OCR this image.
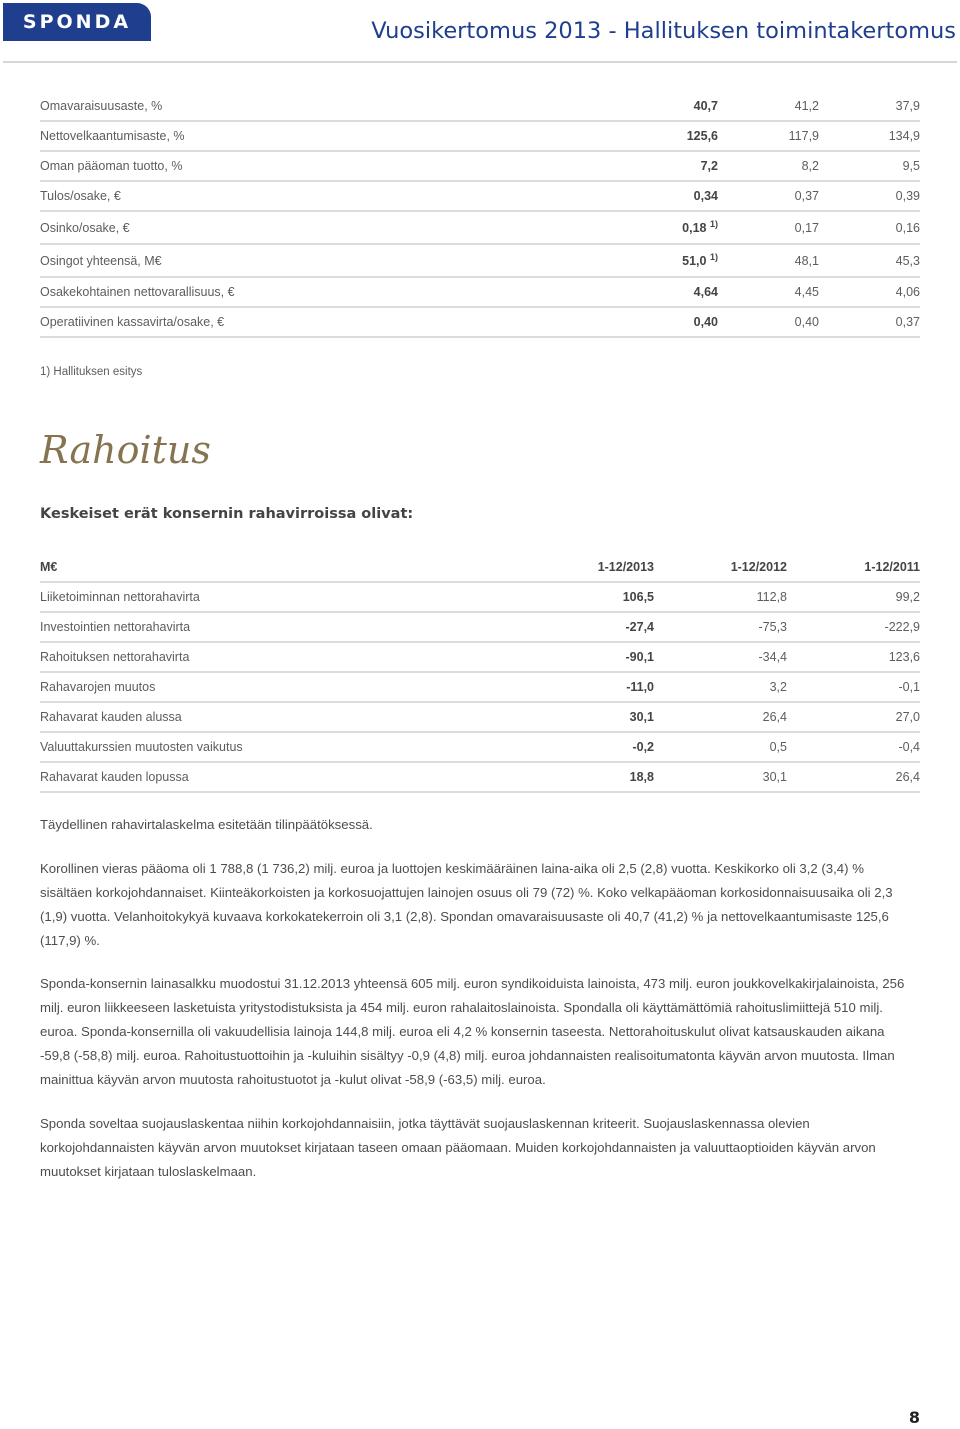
SPONDA	Vuosikertomus 2013 - Hallituksen toimintakertomus
Omavaraisuusaste, %	40,7	41,2	37,9
Nettovelkaantumisaste, %	125,6	117,9	134,9
Oman pääoman tuotto, %	7,2	8,2	9,5
Tulos/osake, €	0,34	0,37	0,39
Osinko/osake, €	0,18 $^{1)}$	0,17	0,16
Osingot yhteensä, M€	51,0 $^{1)}$	48,1	45,3
Osakekohtainen nettovarallisuus, €	4,64	4,45	4,06
Operatiivinen kassavirta/osake, €	0,40	0,40	0,37
1) Hallituksen esitys
Rahoitus
Keskeiset erät konsernin rahavirroissa olivat:
M€	1-12/2013	1-12/2012	1-12/2011
Liiketoiminnan nettorahavirta	106,5	112,8	99,2
Investointien nettorahavirta	-27,4	-75,3	-222,9
Rahoituksen nettorahavirta	-90,1	-34,4	123,6
Rahavarojen muutos	-11,0	3,2	-0,1
Rahavarat kauden alussa	30,1	26,4	27,0
Valuuttakurssien muutosten vaikutus	-0,2	0,5	-0,4
Rahavarat kauden lopussa	18,8	30,1	26,4
Täydellinen rahavirtalaskelma esitetään tilinpäätöksessä.
Korollinen vieras pääoma oli 1 788,8 (1 736,2) milj. euroa ja luottojen keskimääräinen laina-aika oli 2,5 (2,8) vuotta. Keskikorko oli 3,2 (3,4) % sisältäen korkojohdannaiset. Kiinteäkorkoisten ja korkosuojattujen lainojen osuus oli 79 (72) %. Koko velkapääoman korkosidonnaisuusaika oli 2,3 (1,9) vuotta. Velanhoitokykyä kuvaava korkokatekerroin oli 3,1 (2,8). Spondan omavaraisuusaste oli 40,7 (41,2) % ja nettovelkaantumisaste 125,6 (117,9) %.
Sponda-konsernin lainasalkku muodostui 31.12.2013 yhteensä 605 milj. euron syndikoiduista lainoista, 473 milj. euron joukkovelkakirjalainoista, 256 milj. euron liikkeeseen lasketuista yritystodistuksista ja 454 milj. euron rahalaitoslainoista. Spondalla oli käyttämättömiä rahoituslimiittejä 510 milj. euroa. Sponda-konsernilla oli vakuudellisia lainoja 144,8 milj. euroa eli 4,2 % konsernin taseesta. Nettorahoituskulut olivat katsauskauden aikana -59,8 (-58,8) milj. euroa. Rahoitustuottoihin ja -kuluihin sisältyy -0,9 (4,8) milj. euroa johdannaisten realisoitumatonta käyvän arvon muutosta. Ilman mainittua käyvän arvon muutosta rahoitustuotot ja -kulut olivat -58,9 (-63,5) milj. euroa.
Sponda soveltaa suojauslaskentaa niihin korkojohdannaisiin, jotka täyttävät suojauslaskennan kriteerit. Suojauslaskennassa olevien korkojohdannaisten käyvän arvon muutokset kirjataan taseen omaan pääomaan. Muiden korkojohdannaisten ja valuuttaoptioiden käyvän arvon muutokset kirjataan tuloslaskelmaan.
8
